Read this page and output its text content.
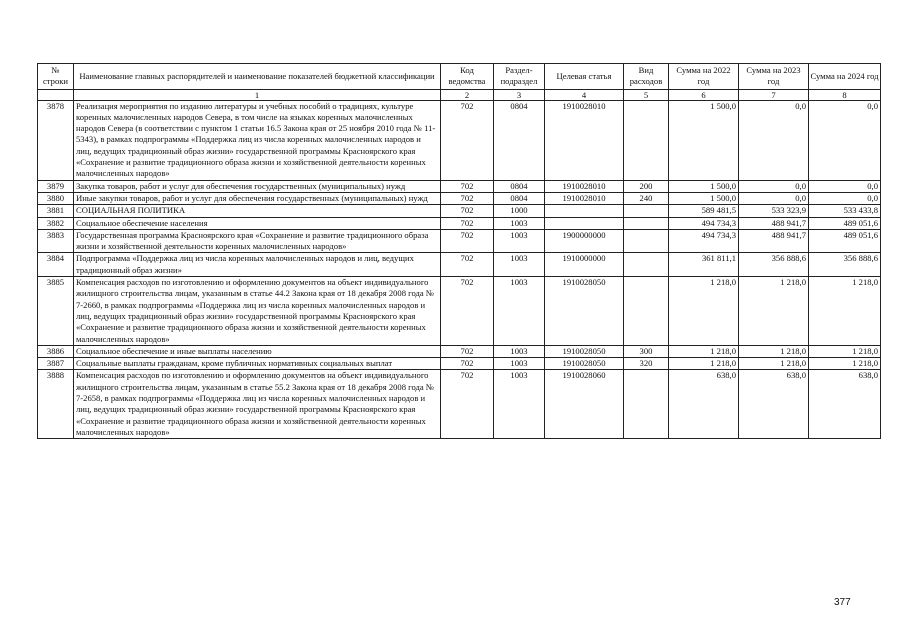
№ строки	Наименование главных распорядителей и наименование показателей бюджетной классификации	Код ведомства	Раздел-подраздел	Целевая статья	Вид расходов	Сумма на 2022 год	Сумма на 2023 год	Сумма на 2024 год
	1	2	3	4	5	6	7	8
3878	Реализация мероприятия по изданию литературы и учебных пособий о традициях, культуре коренных малочисленных народов Севера, в том числе на языках коренных малочисленных народов Севера (в соответствии с пунктом 1 статьи 16.5 Закона края от 25 ноября 2010 года № 11-5343), в рамках подпрограммы «Поддержка лиц из числа коренных малочисленных народов и лиц, ведущих традиционный образ жизни» государственной программы Красноярского края «Сохранение и развитие традиционного образа жизни и хозяйственной деятельности коренных малочисленных народов»	702	0804	1910028010		1 500,0	0,0	0,0
3879	Закупка товаров, работ и услуг для обеспечения государственных (муниципальных) нужд	702	0804	1910028010	200	1 500,0	0,0	0,0
3880	Иные закупки товаров, работ и услуг для обеспечения государственных (муниципальных) нужд	702	0804	1910028010	240	1 500,0	0,0	0,0
3881	СОЦИАЛЬНАЯ ПОЛИТИКА	702	1000			589 481,5	533 323,9	533 433,8
3882	Социальное обеспечение населения	702	1003			494 734,3	488 941,7	489 051,6
3883	Государственная программа Красноярского края «Сохранение и развитие традиционного образа жизни и хозяйственной деятельности коренных малочисленных народов»	702	1003	1900000000		494 734,3	488 941,7	489 051,6
3884	Подпрограмма «Поддержка лиц из числа коренных малочисленных народов и лиц, ведущих традиционный образ жизни»	702	1003	1910000000		361 811,1	356 888,6	356 888,6
3885	Компенсация расходов по изготовлению и оформлению документов на объект индивидуального жилищного строительства лицам, указанным в статье 44.2 Закона края от 18 декабря 2008 года № 7-2660, в рамках подпрограммы «Поддержка лиц из числа коренных малочисленных народов и лиц, ведущих традиционный образ жизни» государственной программы Красноярского края «Сохранение и развитие традиционного образа жизни и хозяйственной деятельности коренных малочисленных народов»	702	1003	1910028050		1 218,0	1 218,0	1 218,0
3886	Социальное обеспечение и иные выплаты населению	702	1003	1910028050	300	1 218,0	1 218,0	1 218,0
3887	Социальные выплаты гражданам, кроме публичных нормативных социальных выплат	702	1003	1910028050	320	1 218,0	1 218,0	1 218,0
3888	Компенсация расходов по изготовлению и оформлению документов на объект индивидуального жилищного строительства лицам, указанным в статье 55.2 Закона края от 18 декабря 2008 года № 7-2658, в рамках подпрограммы «Поддержка лиц из числа коренных малочисленных народов и лиц, ведущих традиционный образ жизни» государственной программы Красноярского края «Сохранение и развитие традиционного образа жизни и хозяйственной деятельности коренных малочисленных народов»	702	1003	1910028060		638,0	638,0	638,0
377
